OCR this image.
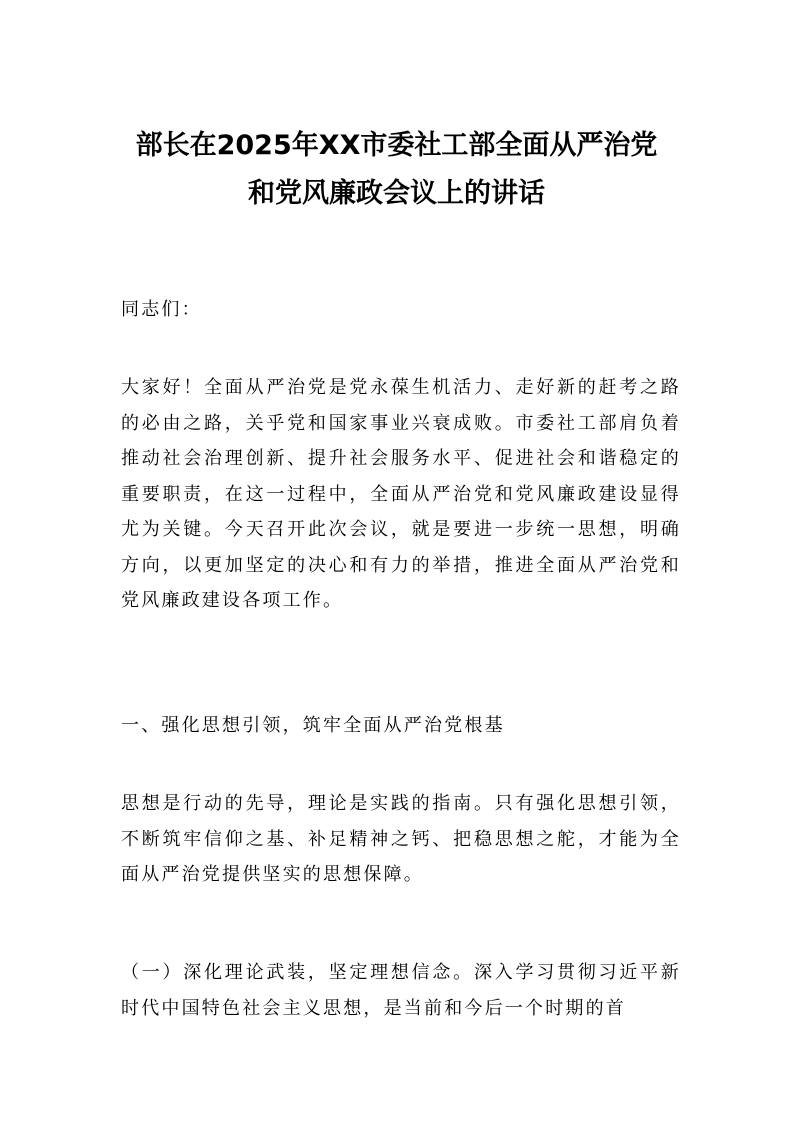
部长在2025年XX市委社工部全面从严治党
和党风廉政会议上的讲话

同志们：

大家好！全面从严治党是党永葆生机活力、走好新的赶考之路的必由之路，关乎党和国家事业兴衰成败。市委社工部肩负着推动社会治理创新、提升社会服务水平、促进社会和谐稳定的重要职责，在这一过程中，全面从严治党和党风廉政建设显得尤为关键。今天召开此次会议，就是要进一步统一思想，明确方向，以更加坚定的决心和有力的举措，推进全面从严治党和党风廉政建设各项工作。

一、强化思想引领，筑牢全面从严治党根基

思想是行动的先导，理论是实践的指南。只有强化思想引领，不断筑牢信仰之基、补足精神之钙、把稳思想之舵，才能为全面从严治党提供坚实的思想保障。

（一）深化理论武装，坚定理想信念。深入学习贯彻习近平新时代中国特色社会主义思想，是当前和今后一个时期的首
